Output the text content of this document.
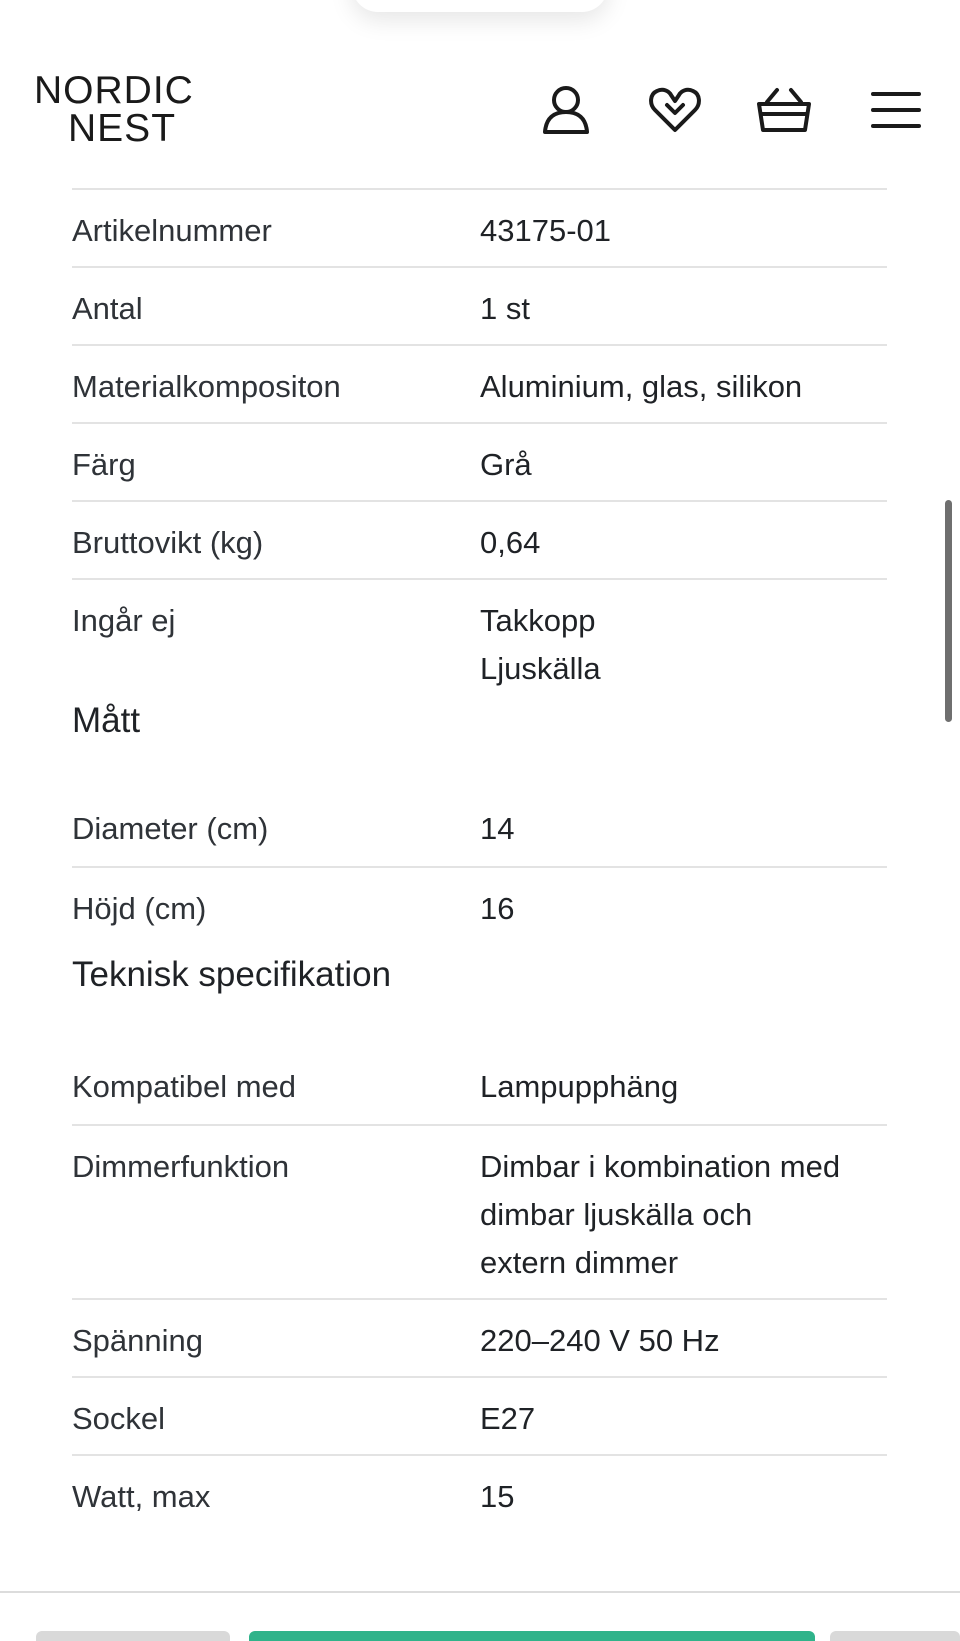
NORDIC
NEST
Artikelnummer	43175-01
Antal	1 st
Materialkompositon	Aluminium, glas, silikon
Färg	Grå
Bruttovikt (kg)	0,64
Ingår ej	Takkopp
Ljuskälla
Mått
Diameter (cm)	14
Höjd (cm)	16
Teknisk specifikation
Kompatibel med	Lampupphäng
Dimmerfunktion	Dimbar i kombination med
dimbar ljuskälla och
extern dimmer
Spänning	220–240 V 50 Hz
Sockel	E27
Watt, max	15
